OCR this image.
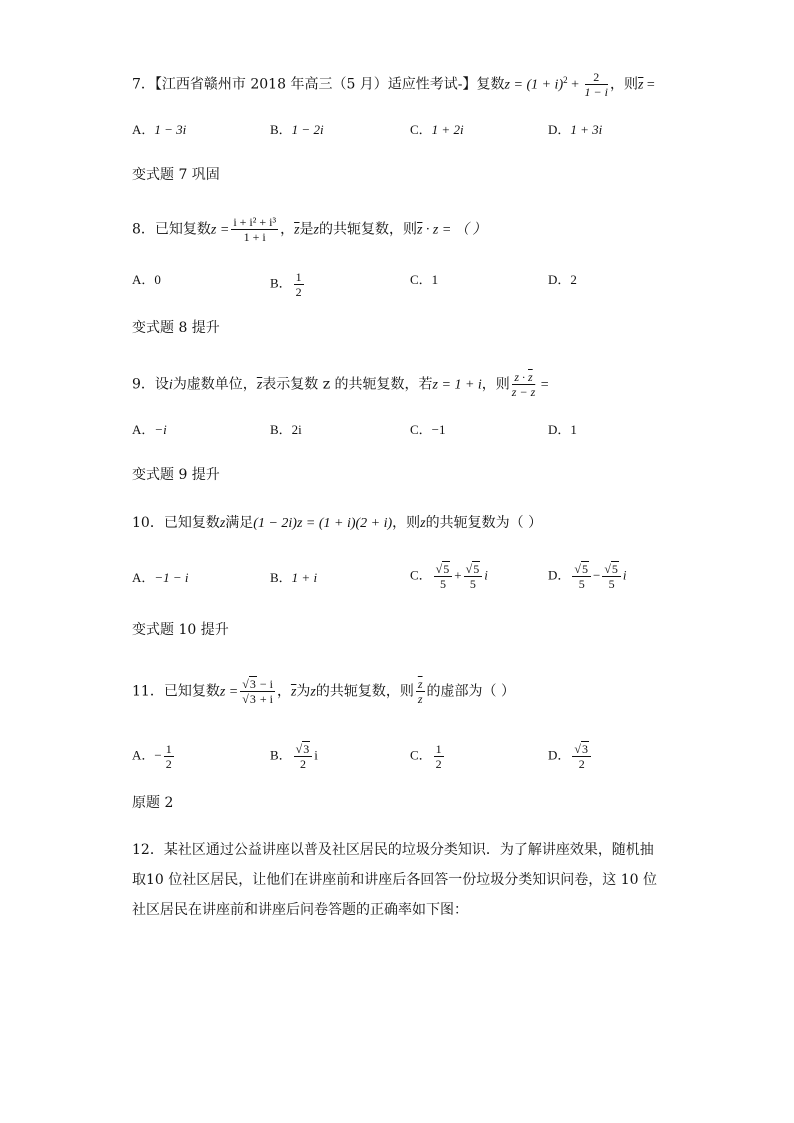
7．【江西省赣州市 2018 年高三（5 月）适应性考试-】复数$z = (1 + i)^2 + \frac{2}{1 - i}$ ，则$\overline{z}$ =
A．1 − 3i	B．1 − 2i	C．1 + 2i	D．1 + 3i
变式题 7 巩固
8．已知复数$z = \frac{\text{i + i² + i³}}{1 + i}$ ，$\overline{z}$是z的共轭复数，则$\overline{z} \cdot z$ = （ ）
A．0	B． $\frac{1}{2}$	C．1	D．2
变式题 8 提升
9．设i为虚数单位，$\overline{z}$表示复数 z 的共轭复数，若z = 1 + i，则 $\frac{z \cdot \overline{z}}{z - \overline{z}}$ =
A．−i	B．2i	C．−1	D．1
变式题 9 提升
10．已知复数z满足(1 − 2i)z = (1 + i)(2 + i)，则z的共轭复数为（ ）
A．−1 − i	B．1 + i	C． $\frac{√5}{5} + \frac{√5}{5}$ i	D． $\frac{√5}{5} - \frac{√5}{5}$ i
变式题 10 提升
11．已知复数$z = \frac{√3 - i}{√3 + i}$ ，$\overline{z}$为z的共轭复数，则 $\frac{\overline{z}}{z}$ 的虚部为（ ）
A．− $\frac{1}{2}$	B． $\frac{√3}{2}$ i	C． $\frac{1}{2}$	D． $\frac{√3}{2}$
原题 2
12．某社区通过公益讲座以普及社区居民的垃圾分类知识．为了解讲座效果，随机抽取10 位社区居民，让他们在讲座前和讲座后各回答一份垃圾分类知识问卷，这 10 位社区居民在讲座前和讲座后问卷答题的正确率如下图：
